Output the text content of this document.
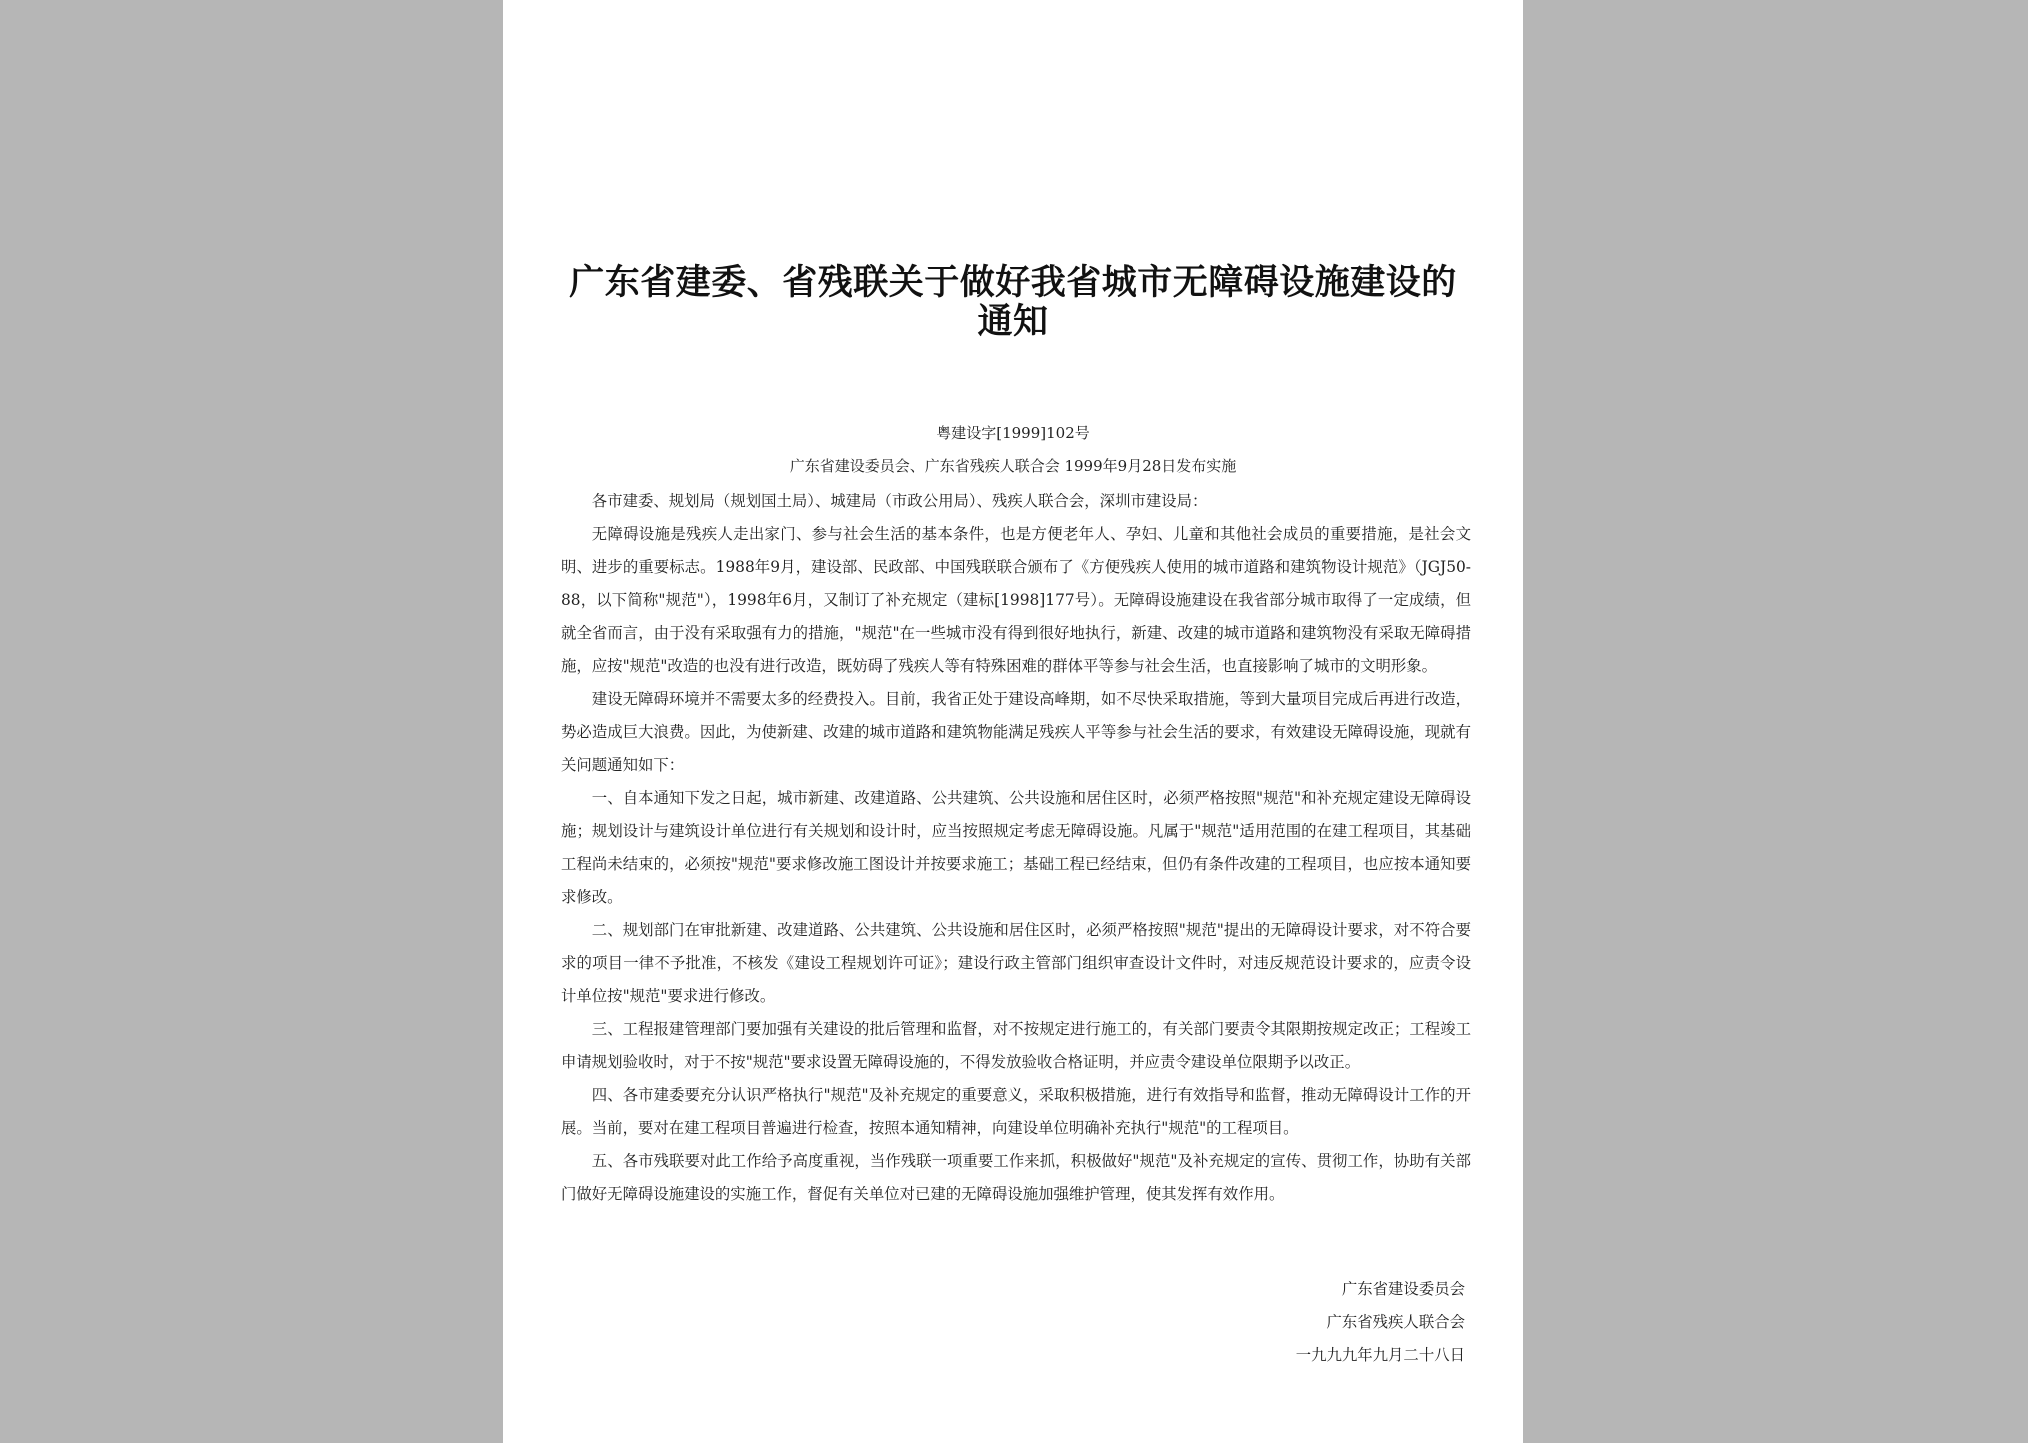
广东省建委、省残联关于做好我省城市无障碍设施建设的通知
粤建设字[1999]102号
广东省建设委员会、广东省残疾人联合会 1999年9月28日发布实施

各市建委、规划局（规划国土局）、城建局（市政公用局）、残疾人联合会，深圳市建设局：

无障碍设施是残疾人走出家门、参与社会生活的基本条件，也是方便老年人、孕妇、儿童和其他社会成员的重要措施，是社会文明、进步的重要标志。1988年9月，建设部、民政部、中国残联联合颁布了《方便残疾人使用的城市道路和建筑物设计规范》（JGJ50-88，以下简称"规范"），1998年6月，又制订了补充规定（建标[1998]177号）。无障碍设施建设在我省部分城市取得了一定成绩，但就全省而言，由于没有采取强有力的措施，"规范"在一些城市没有得到很好地执行，新建、改建的城市道路和建筑物没有采取无障碍措施，应按"规范"改造的也没有进行改造，既妨碍了残疾人等有特殊困难的群体平等参与社会生活，也直接影响了城市的文明形象。

建设无障碍环境并不需要太多的经费投入。目前，我省正处于建设高峰期，如不尽快采取措施，等到大量项目完成后再进行改造，势必造成巨大浪费。因此，为使新建、改建的城市道路和建筑物能满足残疾人平等参与社会生活的要求，有效建设无障碍设施，现就有关问题通知如下：

一、自本通知下发之日起，城市新建、改建道路、公共建筑、公共设施和居住区时，必须严格按照"规范"和补充规定建设无障碍设施；规划设计与建筑设计单位进行有关规划和设计时，应当按照规定考虑无障碍设施。凡属于"规范"适用范围的在建工程项目，其基础工程尚未结束的，必须按"规范"要求修改施工图设计并按要求施工；基础工程已经结束，但仍有条件改建的工程项目，也应按本通知要求修改。

二、规划部门在审批新建、改建道路、公共建筑、公共设施和居住区时，必须严格按照"规范"提出的无障碍设计要求，对不符合要求的项目一律不予批准，不核发《建设工程规划许可证》；建设行政主管部门组织审查设计文件时，对违反规范设计要求的，应责令设计单位按"规范"要求进行修改。

三、工程报建管理部门要加强有关建设的批后管理和监督，对不按规定进行施工的，有关部门要责令其限期按规定改正；工程竣工申请规划验收时，对于不按"规范"要求设置无障碍设施的，不得发放验收合格证明，并应责令建设单位限期予以改正。

四、各市建委要充分认识严格执行"规范"及补充规定的重要意义，采取积极措施，进行有效指导和监督，推动无障碍设计工作的开展。当前，要对在建工程项目普遍进行检查，按照本通知精神，向建设单位明确补充执行"规范"的工程项目。

五、各市残联要对此工作给予高度重视，当作残联一项重要工作来抓，积极做好"规范"及补充规定的宣传、贯彻工作，协助有关部门做好无障碍设施建设的实施工作，督促有关单位对已建的无障碍设施加强维护管理，使其发挥有效作用。

广东省建设委员会
广东省残疾人联合会
一九九九年九月二十八日
